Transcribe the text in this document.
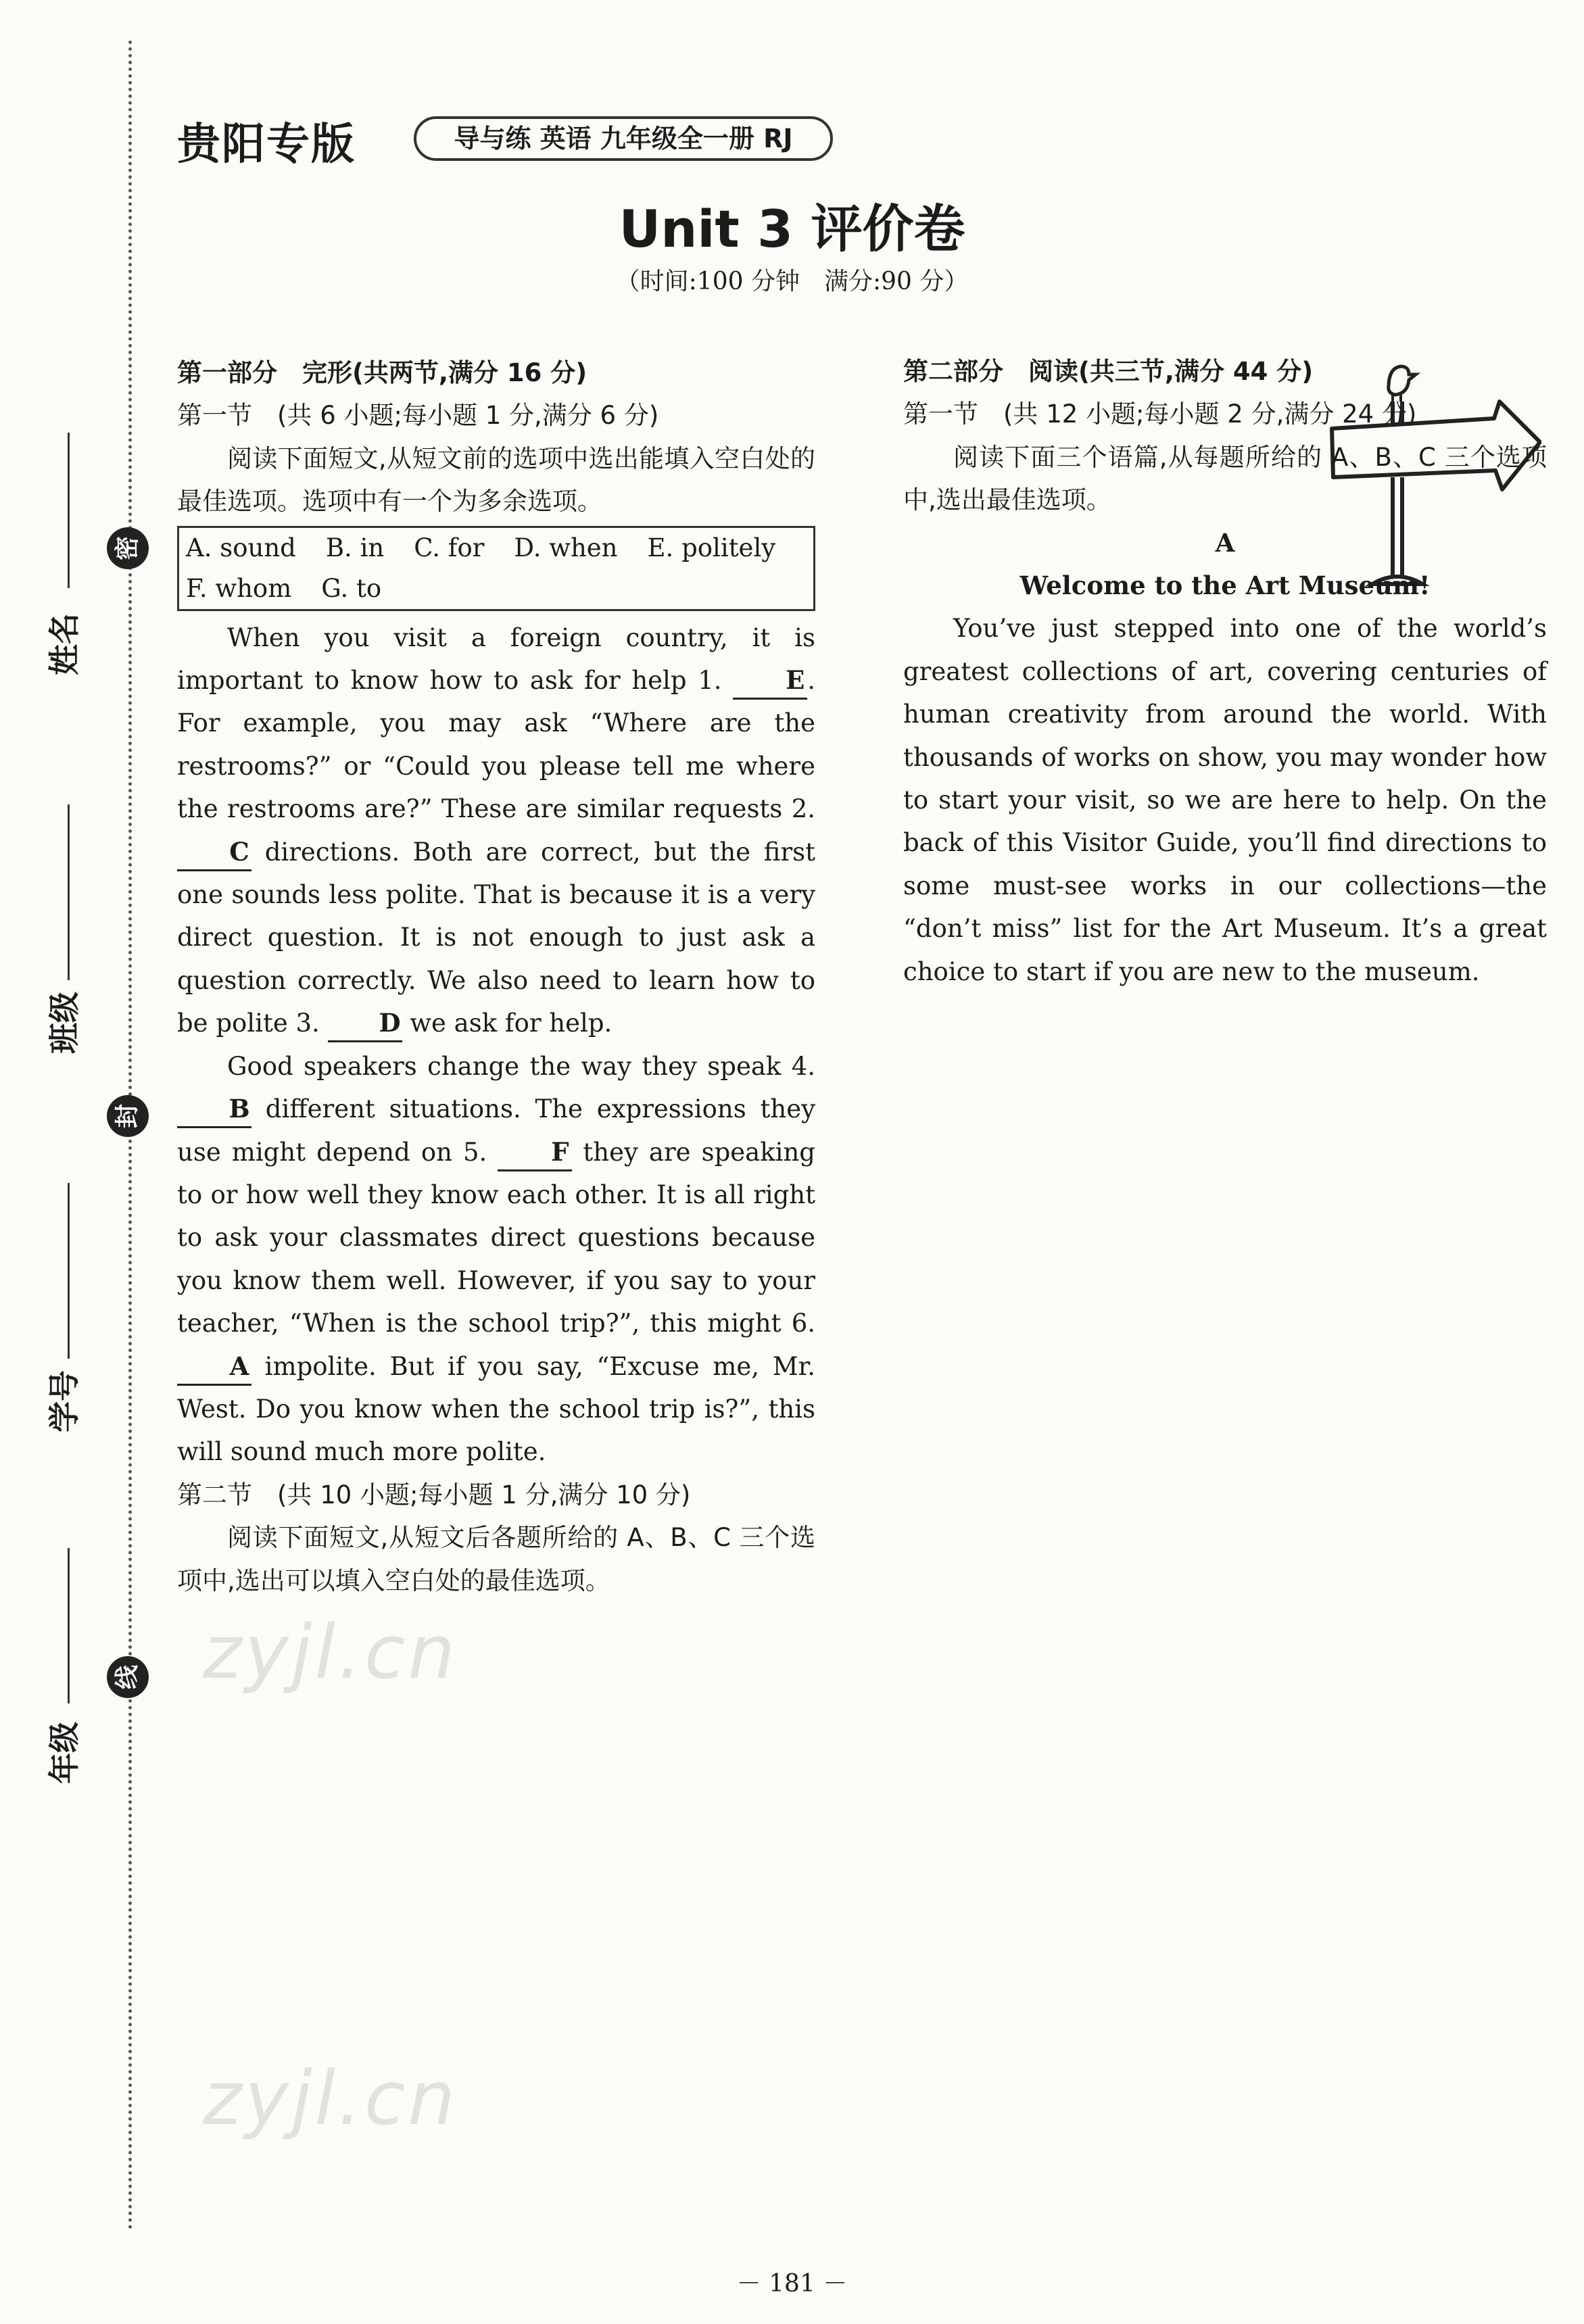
姓名
班级
学号
年级
密
封
线
贵阳专版	导与练 英语 九年级全一册 RJ
Unit 3 评价卷
（时间:100 分钟　满分:90 分）

第一部分　完形(共两节,满分 16 分)

第一节　(共 6 小题;每小题 1 分,满分 6 分)

阅读下面短文,从短文前的选项中选出能填入空白处的最佳选项。选项中有一个为多余选项。

A. sound B. in C. for D. when E. politely
F. whom G. to

When you visit a foreign country, it is important to know how to ask for help 1. E . For example, you may ask “Where are the restrooms?” or “Could you please tell me where the restrooms are?” These are similar requests 2. C directions. Both are correct, but the first one sounds less polite. That is because it is a very direct question. It is not enough to just ask a question correctly. We also need to learn how to be polite 3. D we ask for help.

Good speakers change the way they speak 4. B different situations. The expressions they use might depend on 5. F they are speaking to or how well they know each other. It is all right to ask your classmates direct questions because you know them well. However, if you say to your teacher, “When is the school trip?”, this might 6. A impolite. But if you say, “Excuse me, Mr. West. Do you know when the school trip is?”, this will sound much more polite.

第二节　(共 10 小题;每小题 1 分,满分 10 分)

阅读下面短文,从短文后各题所给的 A、B、C 三个选项中,选出可以填入空白处的最佳选项。

第二部分　阅读(共三节,满分 44 分)

第一节　(共 12 小题;每小题 2 分,满分 24 分)

阅读下面三个语篇,从每题所给的 A、B、C 三个选项中,选出最佳选项。

A

Welcome to the Art Museum!

You’ve just stepped into one of the world’s greatest collections of art, covering centuries of human creativity from around the world. With thousands of works on show, you may wonder how to start your visit, so we are here to help. On the back of this Visitor Guide, you’ll find directions to some must-see works in our collections—the “don’t miss” list for the Art Museum. It’s a great choice to start if you are new to the museum.

zyjl.cn
zyjl.cn
－ 181 －
